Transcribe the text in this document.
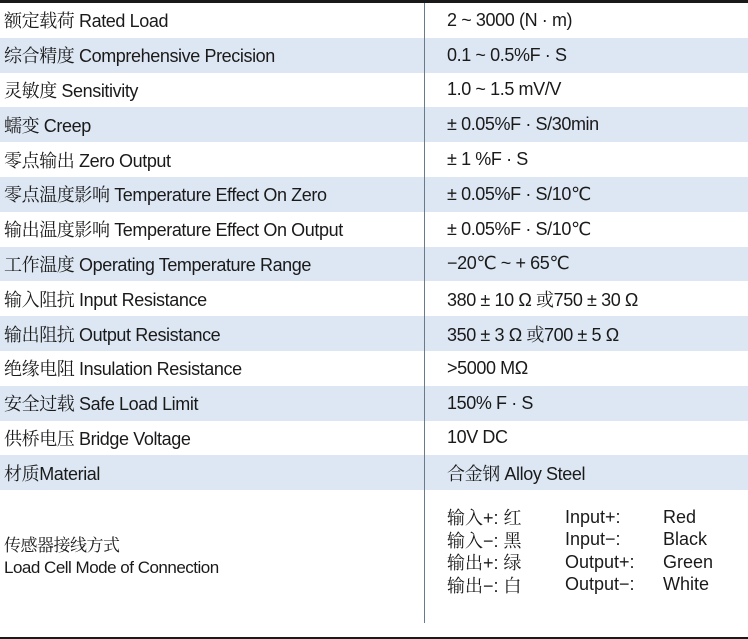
额定载荷 Rated Load	2 ~ 3000 (N · m)
综合精度 Comprehensive Precision	0.1 ~ 0.5%F · S
灵敏度 Sensitivity	1.0 ~ 1.5 mV/V
蠕变 Creep	± 0.05%F · S/30min
零点输出 Zero Output	± 1 %F · S
零点温度影响 Temperature Effect On Zero	± 0.05%F · S/10℃
输出温度影响 Temperature Effect On Output	± 0.05%F · S/10℃
工作温度 Operating Temperature Range	−20℃ ~ + 65℃
输入阻抗 Input Resistance	380 ± 10 Ω 或750 ± 30 Ω
输出阻抗 Output Resistance	350 ± 3 Ω 或700 ± 5 Ω
绝缘电阻 Insulation Resistance	>5000 MΩ
安全过载 Safe Load Limit	150% F · S
供桥电压 Bridge Voltage	10V DC
材质Material	合金钢 Alloy Steel
传感器接线方式
Load Cell Mode of Connection
输入+: 红	Input+:	Red
输入−: 黑	Input−:	Black
输出+: 绿	Output+:	Green
输出−: 白	Output−:	White
